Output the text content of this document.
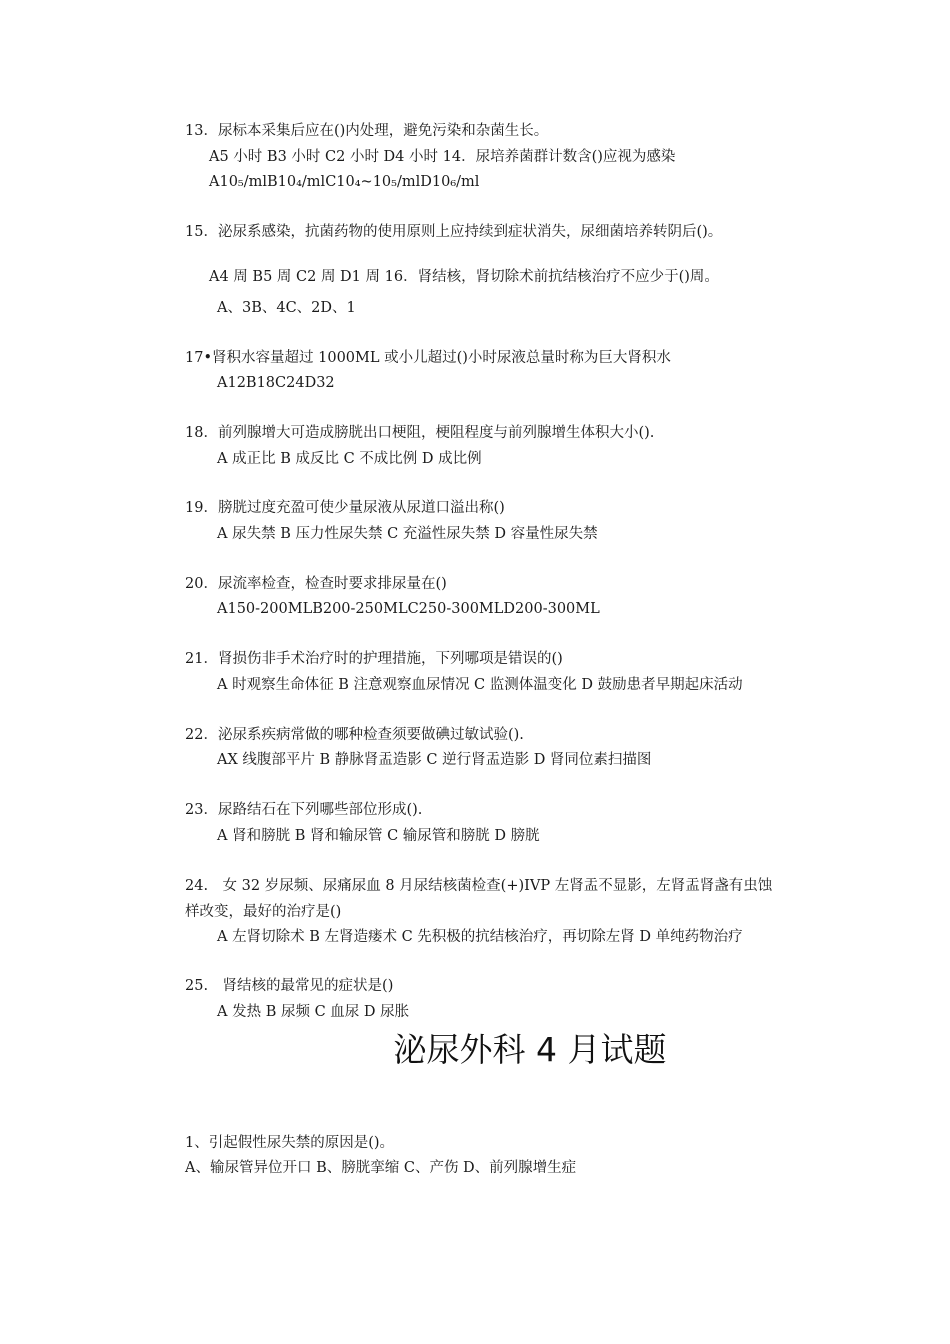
13．尿标本采集后应在()内处理，避免污染和杂菌生长。
A5 小时 B3 小时 C2 小时 D4 小时 14．尿培养菌群计数含()应视为感染
A10₅/mlB10₄/mlC10₄~10₅/mlD10₆/ml
15．泌尿系感染，抗菌药物的使用原则上应持续到症状消失，尿细菌培养转阴后()。
A4 周 B5 周 C2 周 D1 周 16．肾结核，肾切除术前抗结核治疗不应少于()周。
A、3B、4C、2D、1
17•肾积水容量超过 1000ML 或小儿超过()小时尿液总量时称为巨大肾积水
A12B18C24D32
18．前列腺增大可造成膀胱出口梗阻，梗阻程度与前列腺增生体积大小().
A 成正比 B 成反比 C 不成比例 D 成比例
19．膀胱过度充盈可使少量尿液从尿道口溢出称()
A 尿失禁 B 压力性尿失禁 C 充溢性尿失禁 D 容量性尿失禁
20．尿流率检查，检查时要求排尿量在()
A150-200MLB200-250MLC250-300MLD200-300ML
21．肾损伤非手术治疗时的护理措施，下列哪项是错误的()
A 时观察生命体征 B 注意观察血尿情况 C 监测体温变化 D 鼓励患者早期起床活动
22．泌尿系疾病常做的哪种检查须要做碘过敏试验().
AX 线腹部平片 B 静脉肾盂造影 C 逆行肾盂造影 D 肾同位素扫描图
23．尿路结石在下列哪些部位形成().
A 肾和膀胱 B 肾和输尿管 C 输尿管和膀胱 D 膀胱
24.　女 32 岁尿频、尿痛尿血 8 月尿结核菌检查(+)IVP 左肾盂不显影，左肾盂肾盏有虫蚀
样改变，最好的治疗是()
A 左肾切除术 B 左肾造瘘术 C 先积极的抗结核治疗，再切除左肾 D 单纯药物治疗
25.　肾结核的最常见的症状是()
A 发热 B 尿频 C 血尿 D 尿胀
泌尿外科 4 月试题
1、引起假性尿失禁的原因是()。
A、输尿管异位开口 B、膀胱挛缩 C、产伤 D、前列腺增生症
